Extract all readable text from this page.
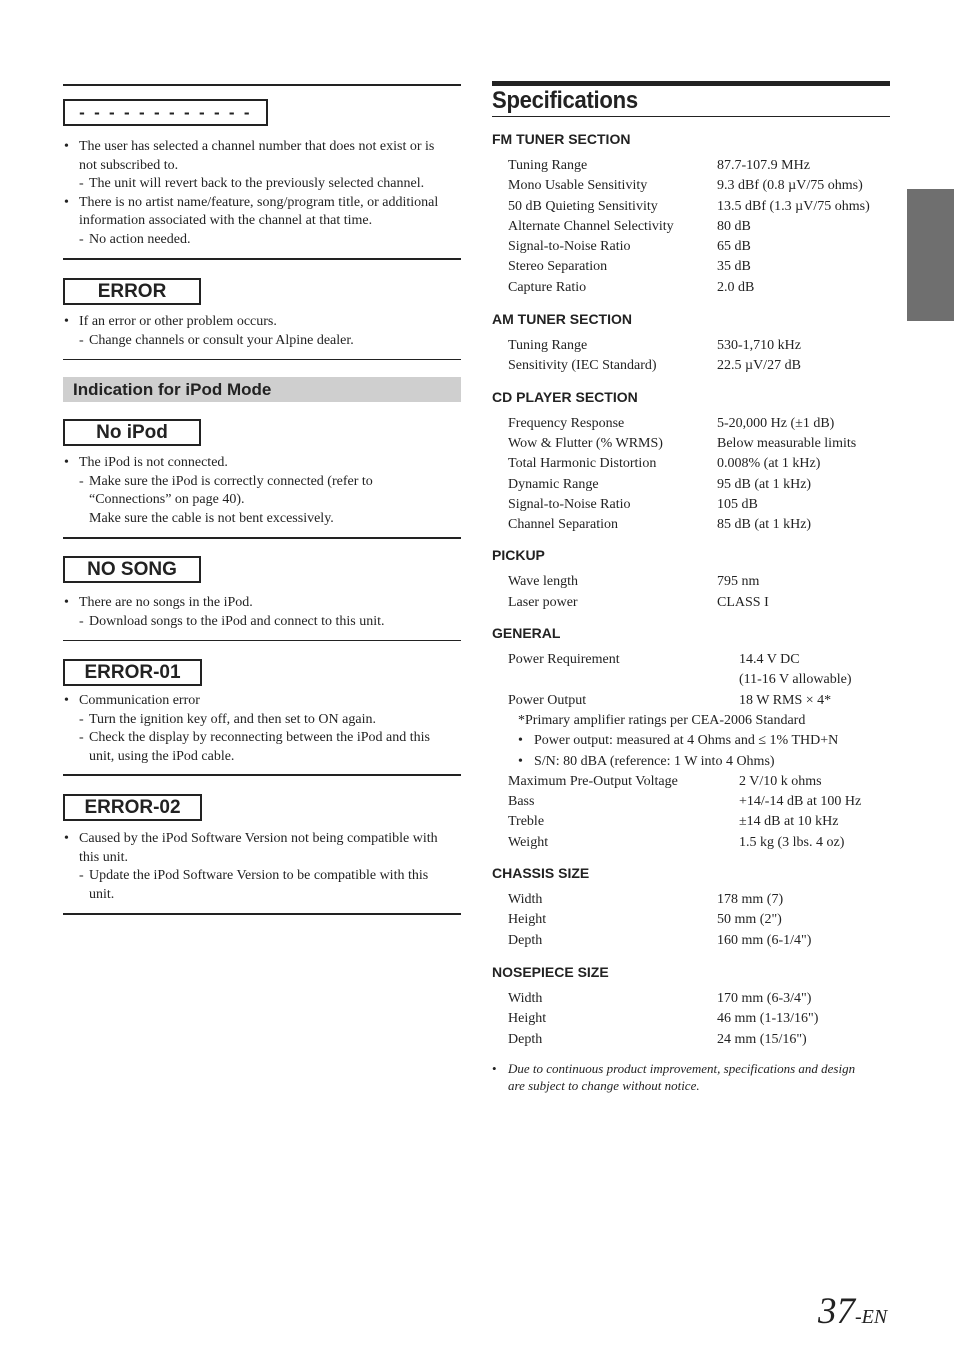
- - - - - - - - - - - -
• The user has selected a channel number that does not exist or is
not subscribed to.
- The unit will revert back to the previously selected channel.
• There is no artist name/feature, song/program title, or additional
information associated with the channel at that time.
- No action needed.
ERROR
• If an error or other problem occurs.
- Change channels or consult your Alpine dealer.
Indication for iPod Mode
No iPod
• The iPod is not connected.
- Make sure the iPod is correctly connected (refer to
“Connections” on page 40).
Make sure the cable is not bent excessively.
NO SONG
• There are no songs in the iPod.
- Download songs to the iPod and connect to this unit.
ERROR-01
• Communication error
- Turn the ignition key off, and then set to ON again.
- Check the display by reconnecting between the iPod and this
unit, using the iPod cable.
ERROR-02
• Caused by the iPod Software Version not being compatible with
this unit.
- Update the iPod Software Version to be compatible with this
unit.
Specifications
FM TUNER SECTION
Tuning Range	87.7-107.9 MHz
Mono Usable Sensitivity	9.3 dBf (0.8 µV/75 ohms)
50 dB Quieting Sensitivity	13.5 dBf (1.3 µV/75 ohms)
Alternate Channel Selectivity	80 dB
Signal-to-Noise Ratio	65 dB
Stereo Separation	35 dB
Capture Ratio	2.0 dB
AM TUNER SECTION
Tuning Range	530-1,710 kHz
Sensitivity (IEC Standard)	22.5 µV/27 dB
CD PLAYER SECTION
Frequency Response	5-20,000 Hz (±1 dB)
Wow & Flutter (% WRMS)	Below measurable limits
Total Harmonic Distortion	0.008% (at 1 kHz)
Dynamic Range	95 dB (at 1 kHz)
Signal-to-Noise Ratio	105 dB
Channel Separation	85 dB (at 1 kHz)
PICKUP
Wave length	795 nm
Laser power	CLASS I
GENERAL
Power Requirement	14.4 V DC
(11-16 V allowable)
Power Output	18 W RMS × 4*
*Primary amplifier ratings per CEA-2006 Standard
• Power output: measured at 4 Ohms and ≤ 1% THD+N
• S/N: 80 dBA (reference: 1 W into 4 Ohms)
Maximum Pre-Output Voltage	2 V/10 k ohms
Bass	+14/-14 dB at 100 Hz
Treble	±14 dB at 10 kHz
Weight	1.5 kg (3 lbs. 4 oz)
CHASSIS SIZE
Width	178 mm (7)
Height	50 mm (2")
Depth	160 mm (6-1/4")
NOSEPIECE SIZE
Width	170 mm (6-3/4")
Height	46 mm (1-13/16")
Depth	24 mm (15/16")
• Due to continuous product improvement, specifications and design
are subject to change without notice.
37-EN
